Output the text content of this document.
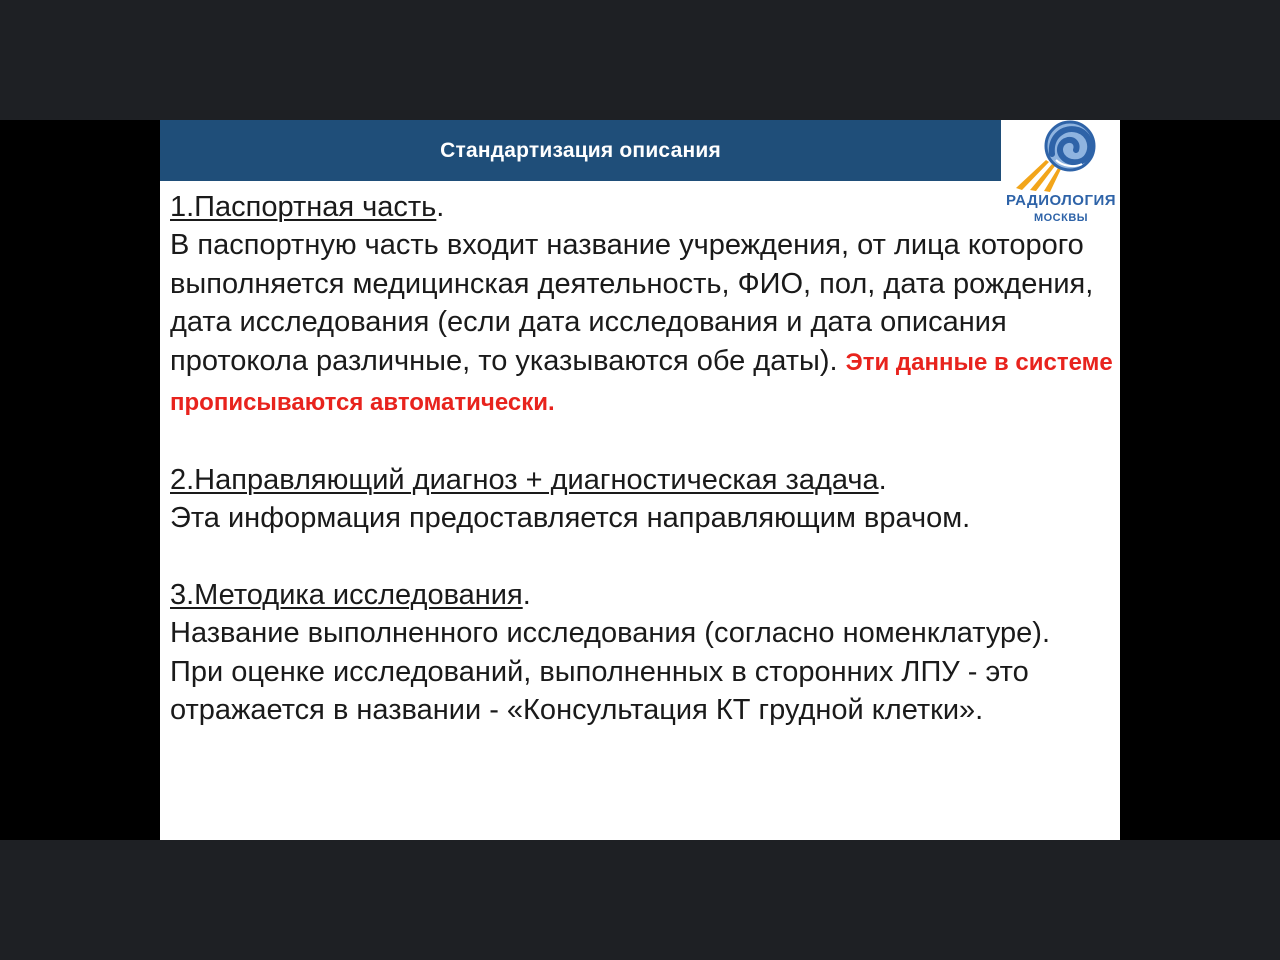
Стандартизация описания
РАДИОЛОГИЯ
МОСКВЫ

1.Паспортная часть.
В паспортную часть входит название учреждения, от лица которого выполняется медицинская деятельность, ФИО, пол, дата рождения, дата исследования (если дата исследования и дата описания протокола различные, то указываются обе даты). Эти данные в системе прописываются автоматически.

2.Направляющий диагноз + диагностическая задача.
Эта информация предоставляется направляющим врачом.

3.Методика исследования.
Название выполненного исследования (согласно номенклатуре).
При оценке исследований, выполненных в сторонних ЛПУ - это отражается в названии - «Консультация КТ грудной клетки».
